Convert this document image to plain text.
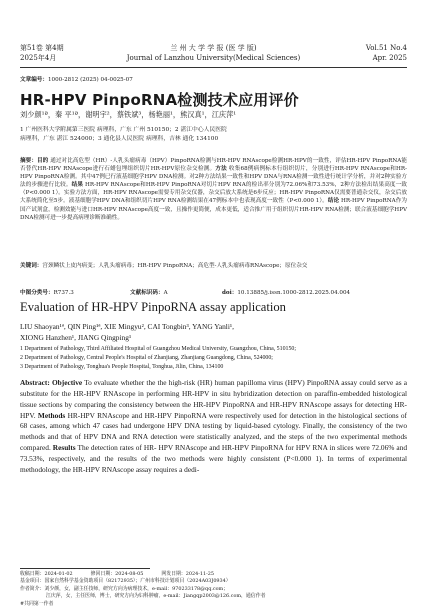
第51卷 第4期
2025年4月
兰 州 大 学 学 报 (医 学 版)
Journal of Lanzhou University(Medical Sciences)
Vol.51 No.4
Apr. 2025
文章编号：1000-2812 (2025) 04-0025-07
HR-HPV PinpoRNA检测技术应用评价
刘少颜¹ª，秦 平¹ª，谢明宇²，蔡铁斌³，杨艳丽¹，熊汉真¹，江庆萍¹
1 广州医科大学附属第三医院 病理科，广东 广州 510150；2 湛江中心人民医院
病理科，广东 湛江 524000；3 通化县人民医院 病理科，吉林 通化 134100
摘要：目的 通过对比高危型（HR）-人乳头瘤病毒（HPV）PinpoRNA检测与HR-HPV RNAscope检测HR-HPV的一致性，评估HR-HPV PinpoRNA能否替代HR-HPV RNAscope进行石蜡包埋组织切片HR-HPV原位杂交检测。方法 收集68例病例标本行组织切片，分别进行HR-HPV RNAscope和HR-HPV PinpoRNA检测。其中47例已行液基细胞学HPV DNA检测。对2种方法结果一致性和HPV DNA与RNA检测一致性进行统计学分析，并对2种实验方法的步骤进行比较。结果 HR-HPV RNAscope和HR-HPV PinpoRNA对切片HPV RNA的检出率分别为72.06%和73.53%，2种方法检出结果高度一致（P<0.000 1）。实验方法方面，HR-HPV RNAscope需要专用杂交仪器，杂交后放大系统是6步反应；HR-HPV PinpoRNA仅需要普通杂交仪，杂交后放大系统简化至5步。液基细胞学HPV DNA和组织切片HPV RNA检测结果在47例标本中也表现高度一致性（P<0.000 1）。结论 HR-HPV PinpoRNA作为国产试剂盒，检测效能与进口HR-HPV RNAscope高度一致，且操作更简便，成本更低，适合推广用于组织切片HR-HPV RNA检测；联合液基细胞学HPV DNA检测可进一步提高病理诊断准确性。
关键词：宫颈鳞状上皮内病变；人乳头瘤病毒；HR-HPV PinpoRNA；高危型-人乳头瘤病毒RNAscope；原位杂交
中图分类号：R737.3	文献标识码：A	doi：10.13885/j.issn.1000-2812.2025.04.004
Evaluation of HR-HPV PinpoRNA assay application
LIU Shaoyan¹ª, QIN Ping¹ª, XIE Mingyu², CAI Tongbin³, YANG Yanli¹,
XIONG Hanzhen¹, JIANG Qingping¹
1 Department of Pathology, Third Affiliated Hospital of Guangzhou Medical University, Guangzhou, China, 510150;
2 Department of Pathology, Central People's Hospital of Zhanjiang, Zhanjiang Guangdong, China, 524000;
3 Department of Pathology, Tonghua's People Hospital, Tonghua, Jilin, China, 134100
Abstract: Objective To evaluate whether the the high-risk (HR) human papilloma virus (HPV) PinpoRNA assay could serve as a substitute for the HR-HPV RNAscope in performing HR-HPV in situ hybridization detection on paraffin-embedded histological tissue sections by comparing the consistency between the HR-HPV PinpoRNA and HR-HPV RNAscope assays for detecting HR-HPV. Methods HR-HPV RNAscope and HR-HPV PinpoRNA were respectively used for detection in the histological sections of 68 cases, among which 47 cases had undergone HPV DNA testing by liquid-based cytology. Finally, the consistency of the two methods and that of HPV DNA and RNA detection were statistically analyzed, and the steps of the two experimental methods compared. Results The detection rates of HR- HPV RNAscope and HR-HPV PinpoRNA for HPV RNA in slices were 72.06% and 73.53%, respectively, and the results of the two methods were highly consistent (P<0.000 1). In terms of experimental methodology, the HR-HPV RNAscope assay requires a dedi-
收稿日期：2024-01-02	修回日期：2024-08-05	网发日期：2024-11-25
基金项目：国家自然科学基金资助项目（82172935）；广州市科技计划项目（2024A03J0934）
作者简介：刘少颜，女，副主任技师，研究方向为病理技术，e-mail：970233178@qq.com；
江庆萍，女，主任医师，博士，研究方向为妇科肿瘤，e-mail：Jiangqp2003@126.com，通信作者
#共同第一作者
